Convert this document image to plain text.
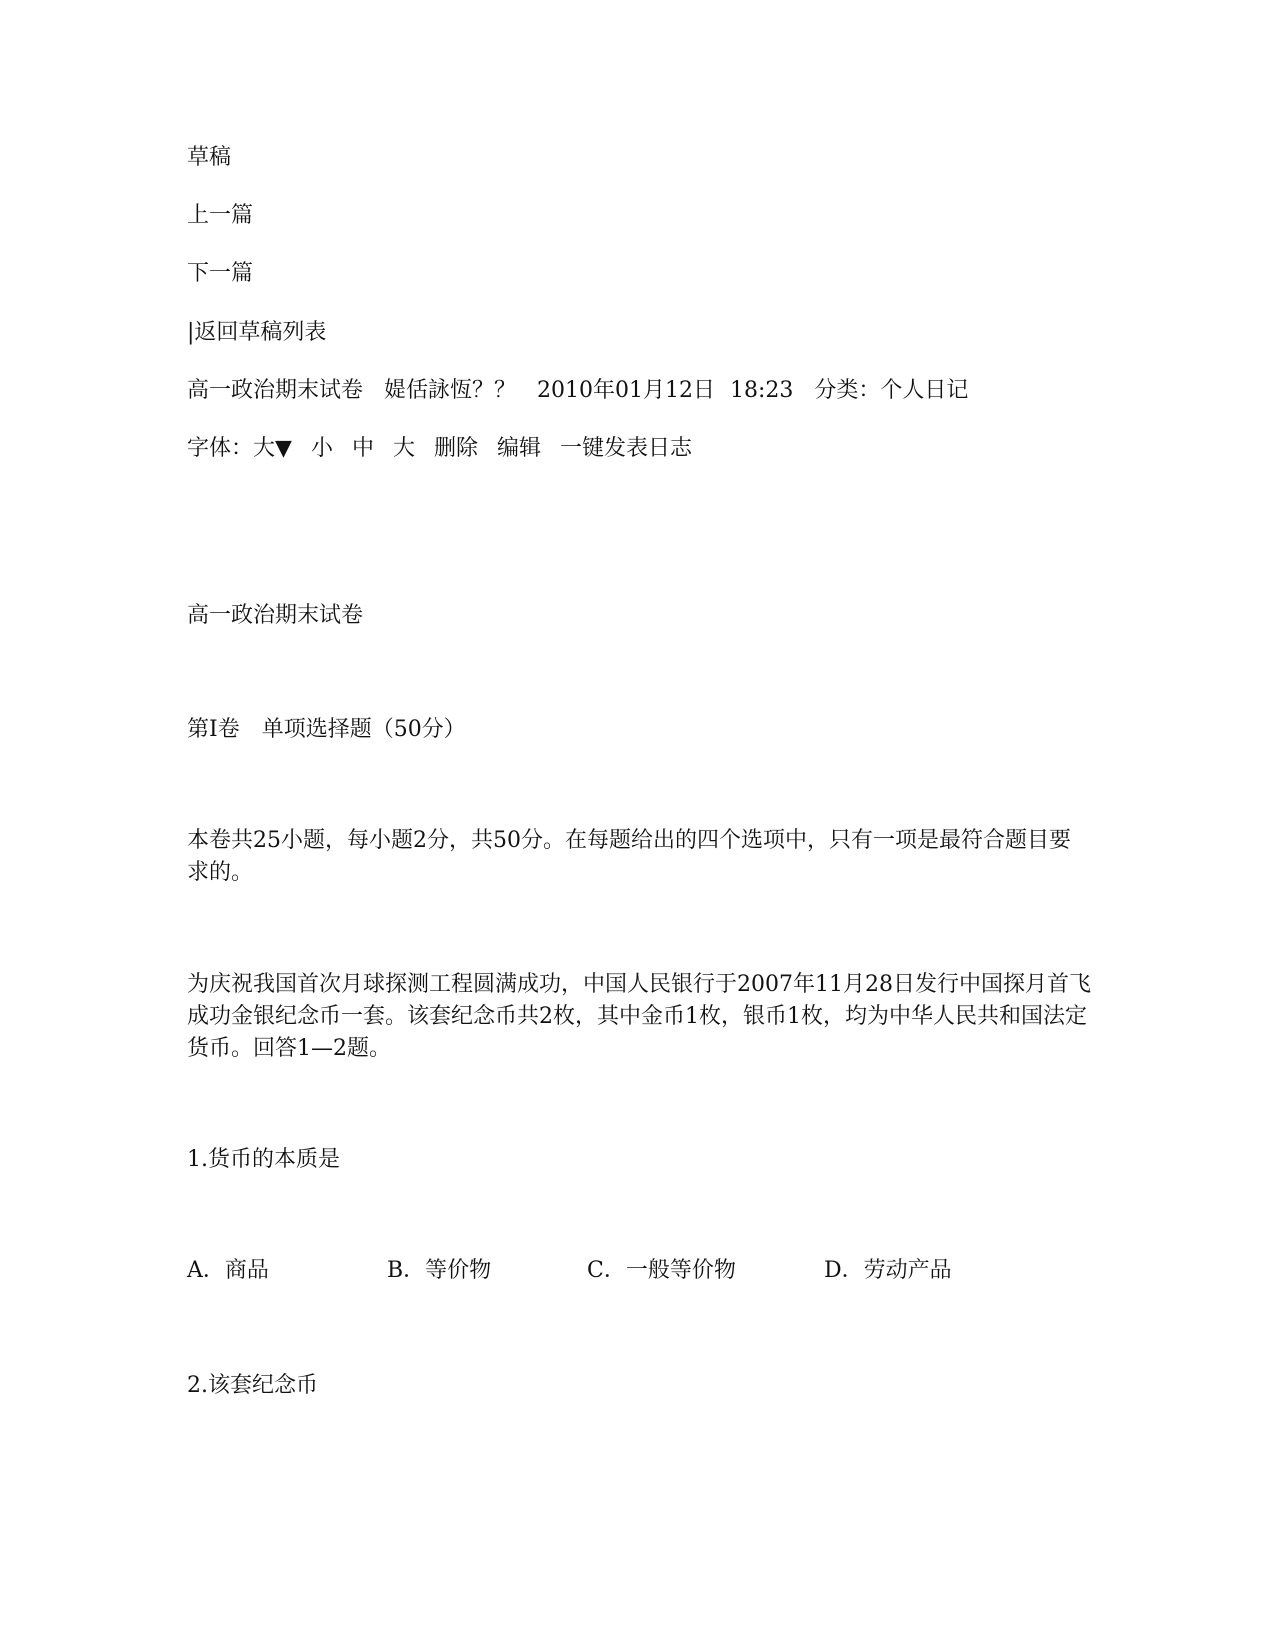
草稿
上一篇
下一篇
|返回草稿列表
高一政治期末试卷 媞佸詠恆？？ 2010年01月12日 18:23 分类：个人日记
字体：大▼ 小 中 大 删除 编辑 一键发表日志
高一政治期末试卷
第Ⅰ卷　单项选择题（50分）
本卷共25小题，每小题2分，共50分。在每题给出的四个选项中，只有一项是最符合题目要求的。
为庆祝我国首次月球探测工程圆满成功，中国人民银行于2007年11月28日发行中国探月首飞成功金银纪念币一套。该套纪念币共2枚，其中金币1枚，银币1枚，均为中华人民共和国法定货币。回答1—2题。
1.货币的本质是
A．商品	B．等价物	C．一般等价物	D．劳动产品
2.该套纪念币
